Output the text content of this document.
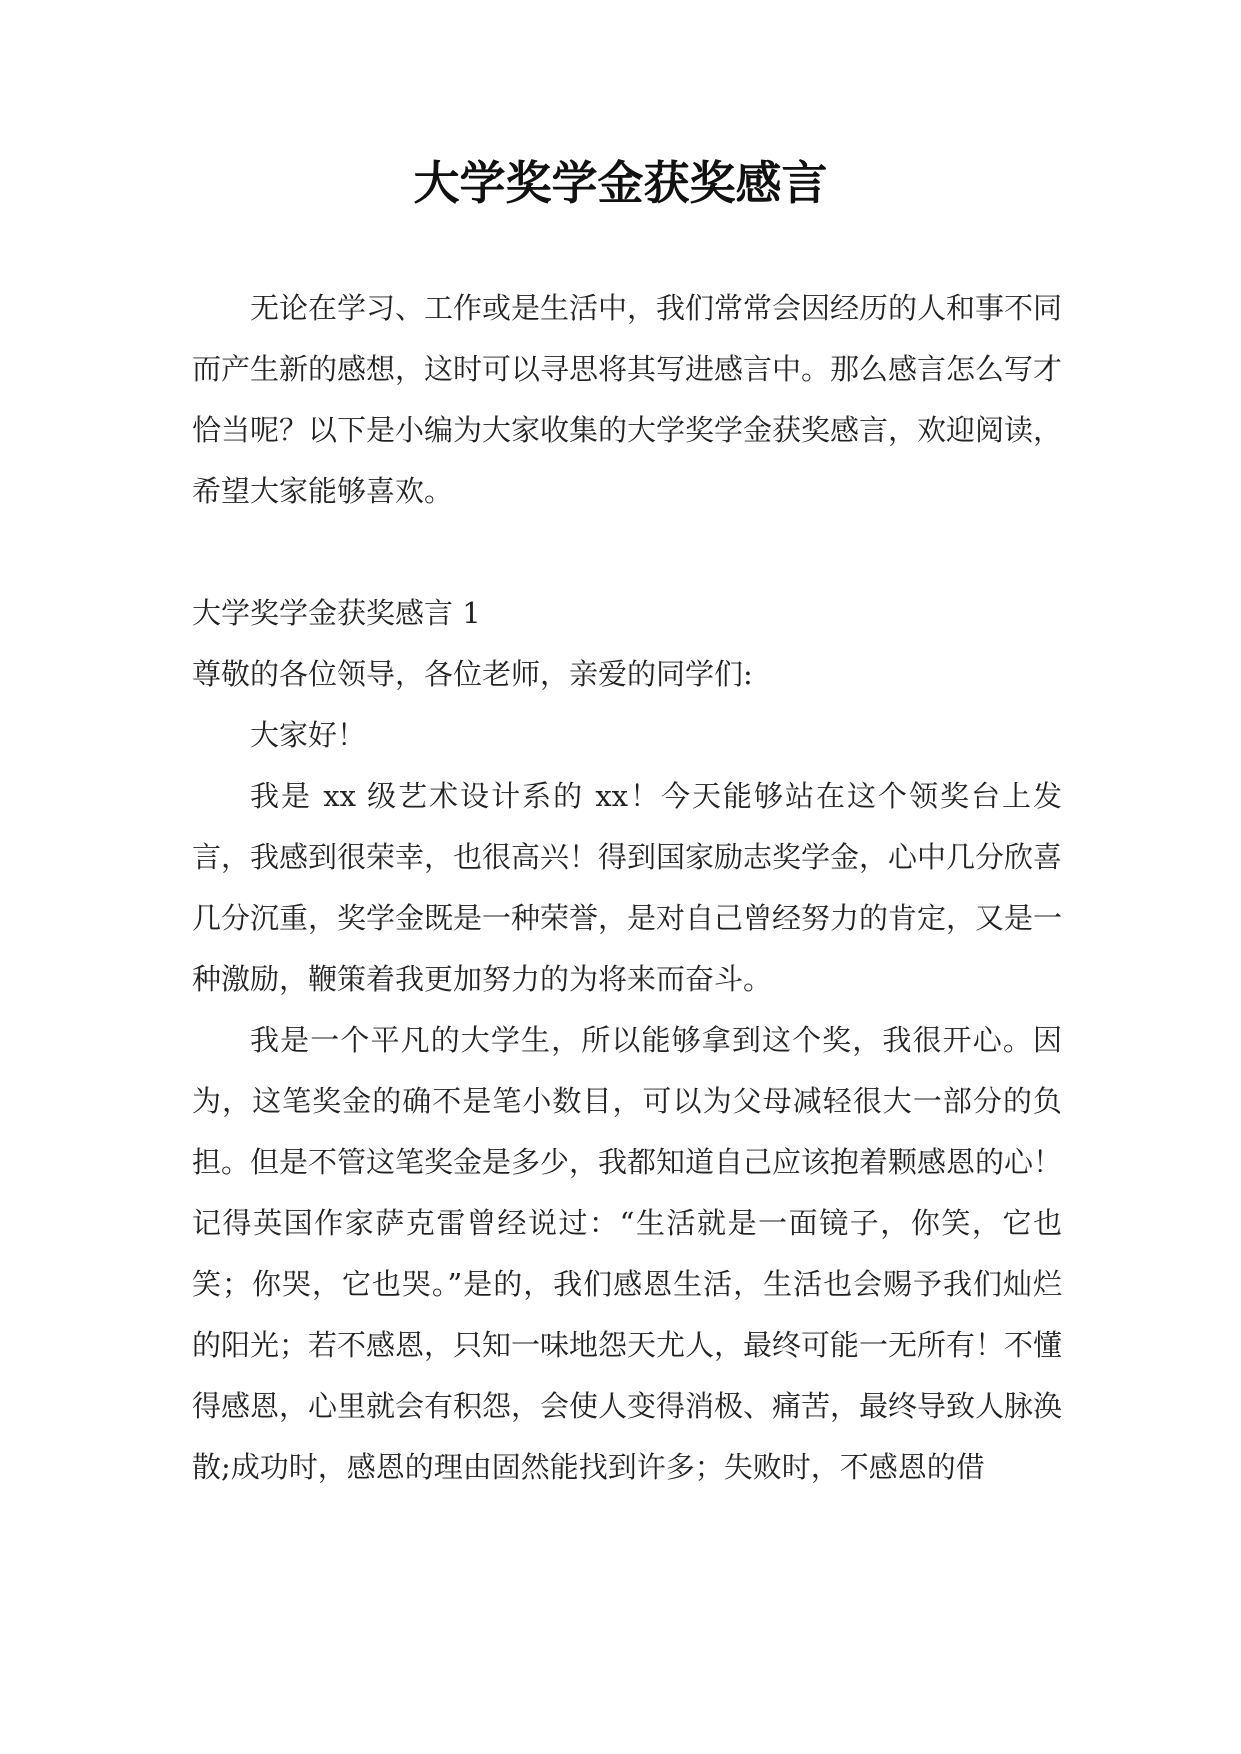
大学奖学金获奖感言

无论在学习、工作或是生活中，我们常常会因经历的人和事不同而产生新的感想，这时可以寻思将其写进感言中。那么感言怎么写才恰当呢？以下是小编为大家收集的大学奖学金获奖感言，欢迎阅读，希望大家能够喜欢。

大学奖学金获奖感言 1

尊敬的各位领导，各位老师，亲爱的同学们:

大家好！

我是 xx 级艺术设计系的 xx！今天能够站在这个领奖台上发言，我感到很荣幸，也很高兴！得到国家励志奖学金，心中几分欣喜几分沉重，奖学金既是一种荣誉，是对自己曾经努力的肯定，又是一种激励，鞭策着我更加努力的为将来而奋斗。

我是一个平凡的大学生，所以能够拿到这个奖，我很开心。因为，这笔奖金的确不是笔小数目，可以为父母减轻很大一部分的负担。但是不管这笔奖金是多少，我都知道自己应该抱着颗感恩的心！记得英国作家萨克雷曾经说过：“生活就是一面镜子，你笑，它也笑；你哭，它也哭。”是的，我们感恩生活，生活也会赐予我们灿烂的阳光；若不感恩，只知一味地怨天尤人，最终可能一无所有！不懂得感恩，心里就会有积怨，会使人变得消极、痛苦，最终导致人脉涣散;成功时，感恩的理由固然能找到许多；失败时，不感恩的借
